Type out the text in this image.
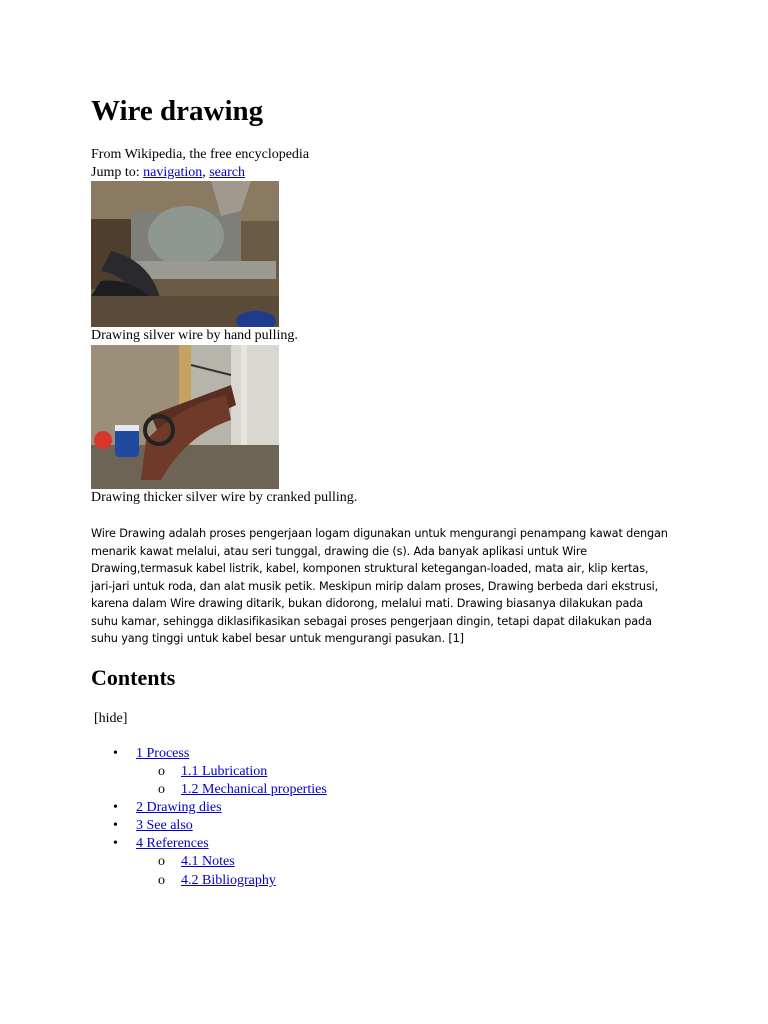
Wire drawing
From Wikipedia, the free encyclopedia
Jump to: navigation, search
Drawing silver wire by hand pulling.
Drawing thicker silver wire by cranked pulling.
Wire Drawing adalah proses pengerjaan logam digunakan untuk mengurangi penampang kawat dengan
menarik kawat melalui, atau seri tunggal, drawing die (s). Ada banyak aplikasi untuk Wire
Drawing,termasuk kabel listrik, kabel, komponen struktural ketegangan-loaded, mata air, klip kertas,
jari-jari untuk roda, dan alat musik petik. Meskipun mirip dalam proses, Drawing berbeda dari ekstrusi,
karena dalam Wire drawing ditarik, bukan didorong, melalui mati. Drawing biasanya dilakukan pada
suhu kamar, sehingga diklasifikasikan sebagai proses pengerjaan dingin, tetapi dapat dilakukan pada
suhu yang tinggi untuk kabel besar untuk mengurangi pasukan. [1]
Contents
[hide]
• 1 Process
o 1.1 Lubrication
o 1.2 Mechanical properties
• 2 Drawing dies
• 3 See also
• 4 References
o 4.1 Notes
o 4.2 Bibliography
